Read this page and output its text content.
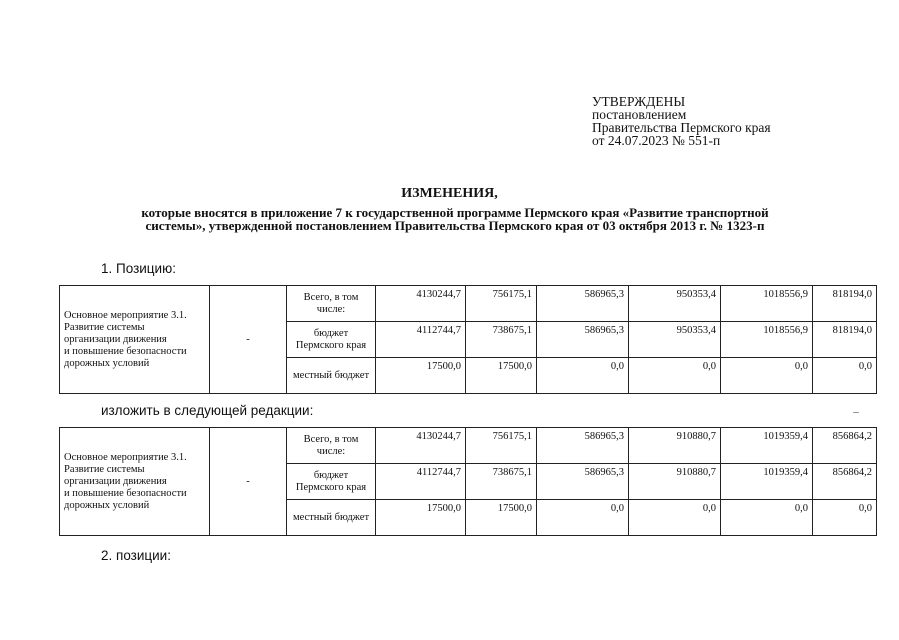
УТВЕРЖДЕНЫ
постановлением
Правительства Пермского края
от 24.07.2023 № 551-п
ИЗМЕНЕНИЯ,
которые вносятся в приложение 7 к государственной программе Пермского края «Развитие транспортной
системы», утвержденной постановлением Правительства Пермского края от 03 октября 2013 г. № 1323-п
1. Позицию:
Основное мероприятие 3.1.
Развитие системы
организации движения
и повышение безопасности
дорожных условий	-	Всего, в том числе:	4130244,7	756175,1	586965,3	950353,4	1018556,9	818194,0
		бюджет Пермского края	4112744,7	738675,1	586965,3	950353,4	1018556,9	818194,0
		местный бюджет	17500,0	17500,0	0,0	0,0	0,0	0,0
изложить в следующей редакции:
Основное мероприятие 3.1.
Развитие системы
организации движения
и повышение безопасности
дорожных условий	-	Всего, в том числе:	4130244,7	756175,1	586965,3	910880,7	1019359,4	856864,2
		бюджет Пермского края	4112744,7	738675,1	586965,3	910880,7	1019359,4	856864,2
		местный бюджет	17500,0	17500,0	0,0	0,0	0,0	0,0
2. позиции:
